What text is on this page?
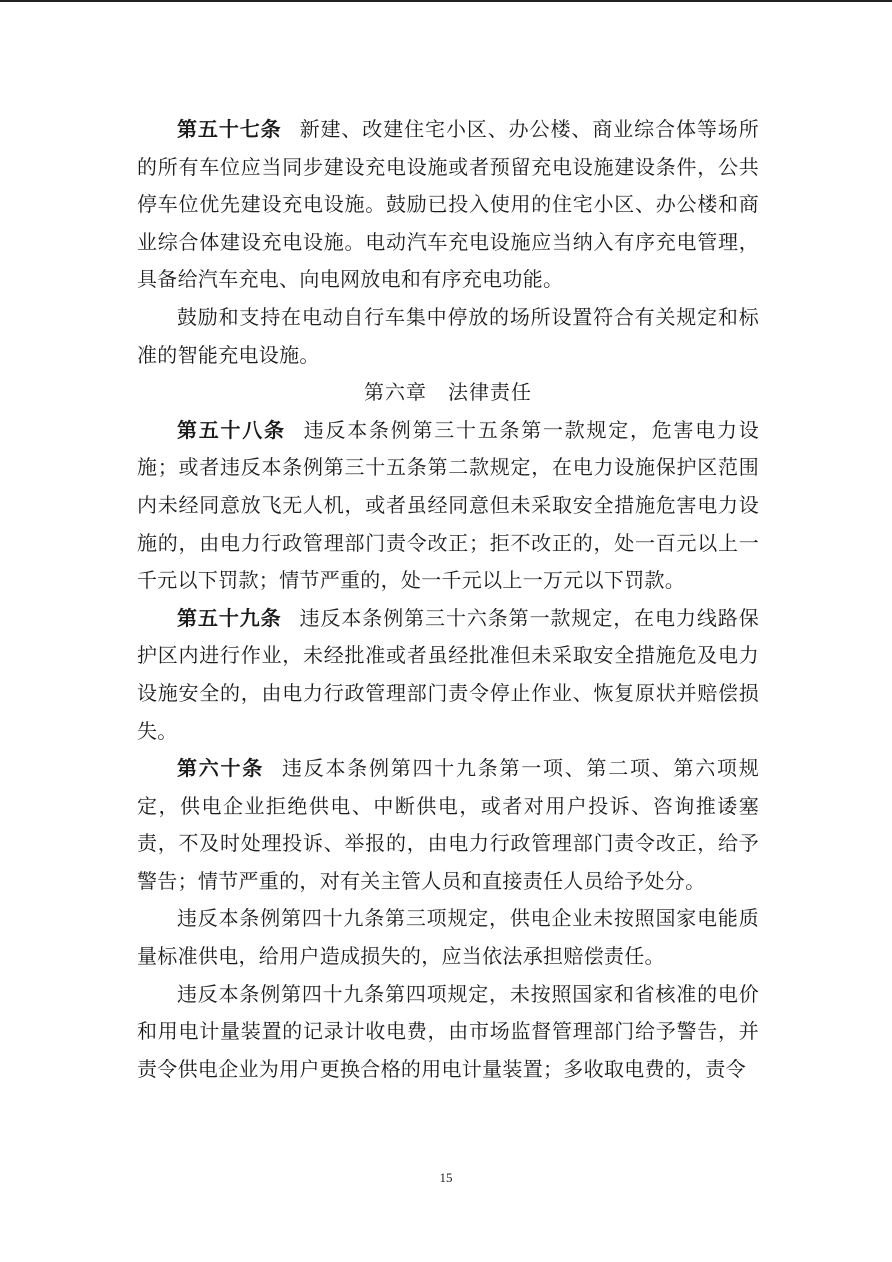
第五十七条 新建、改建住宅小区、办公楼、商业综合体等场所的所有车位应当同步建设充电设施或者预留充电设施建设条件，公共停车位优先建设充电设施。鼓励已投入使用的住宅小区、办公楼和商业综合体建设充电设施。电动汽车充电设施应当纳入有序充电管理，具备给汽车充电、向电网放电和有序充电功能。

鼓励和支持在电动自行车集中停放的场所设置符合有关规定和标准的智能充电设施。

第六章　法律责任

第五十八条 违反本条例第三十五条第一款规定，危害电力设施；或者违反本条例第三十五条第二款规定，在电力设施保护区范围内未经同意放飞无人机，或者虽经同意但未采取安全措施危害电力设施的，由电力行政管理部门责令改正；拒不改正的，处一百元以上一千元以下罚款；情节严重的，处一千元以上一万元以下罚款。

第五十九条 违反本条例第三十六条第一款规定，在电力线路保护区内进行作业，未经批准或者虽经批准但未采取安全措施危及电力设施安全的，由电力行政管理部门责令停止作业、恢复原状并赔偿损失。

第六十条 违反本条例第四十九条第一项、第二项、第六项规定，供电企业拒绝供电、中断供电，或者对用户投诉、咨询推诿塞责，不及时处理投诉、举报的，由电力行政管理部门责令改正，给予警告；情节严重的，对有关主管人员和直接责任人员给予处分。

违反本条例第四十九条第三项规定，供电企业未按照国家电能质量标准供电，给用户造成损失的，应当依法承担赔偿责任。

违反本条例第四十九条第四项规定，未按照国家和省核准的电价和用电计量装置的记录计收电费，由市场监督管理部门给予警告，并责令供电企业为用户更换合格的用电计量装置；多收取电费的，责令

15
